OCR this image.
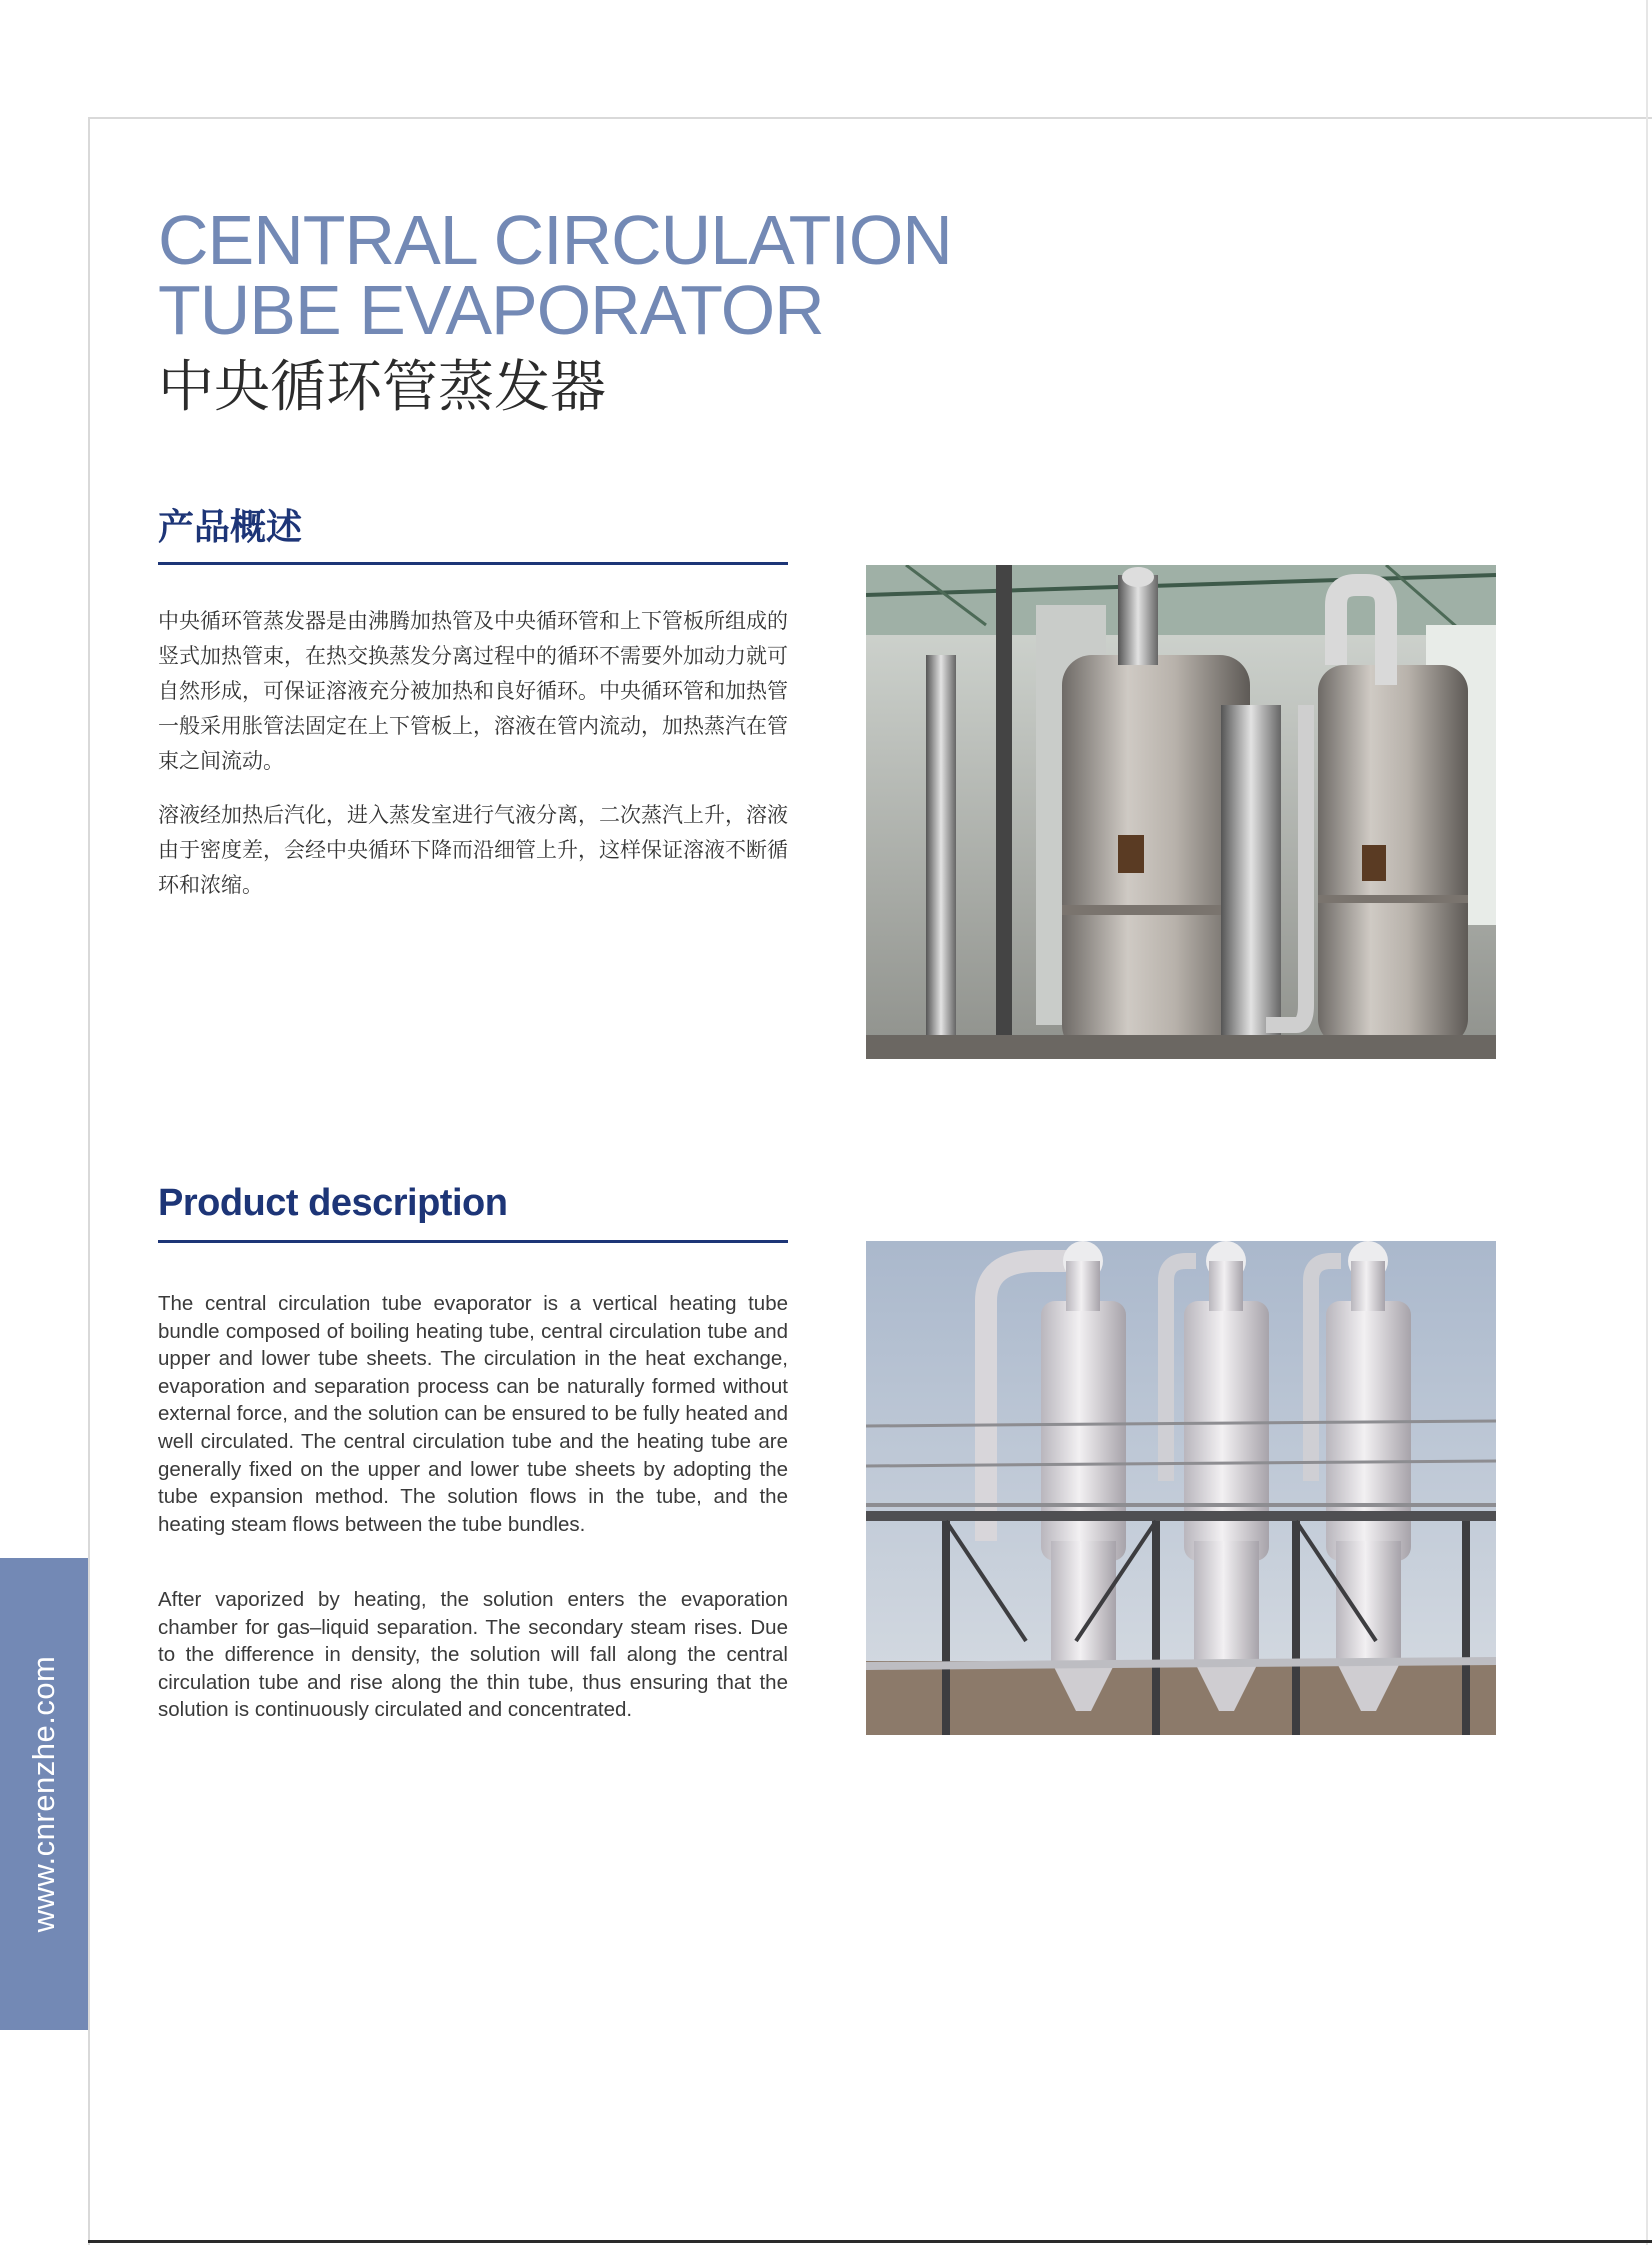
CENTRAL CIRCULATION
TUBE EVAPORATOR
中央循环管蒸发器
产品概述

中央循环管蒸发器是由沸腾加热管及中央循环管和上下管板所组成的竖式加热管束，在热交换蒸发分离过程中的循环不需要外加动力就可自然形成，可保证溶液充分被加热和良好循环。中央循环管和加热管一般采用胀管法固定在上下管板上，溶液在管内流动，加热蒸汽在管束之间流动。

溶液经加热后汽化，进入蒸发室进行气液分离，二次蒸汽上升，溶液由于密度差，会经中央循环下降而沿细管上升，这样保证溶液不断循环和浓缩。

Product description

The central circulation tube evaporator is a vertical heating tube bundle composed of boiling heating tube, central circulation tube and upper and lower tube sheets. The circulation in the heat exchange, evaporation and separation process can be naturally formed without external force, and the solution can be ensured to be fully heated and well circulated. The central circulation tube and the heating tube are generally fixed on the upper and lower tube sheets by adopting the tube expansion method. The solution flows in the tube, and the heating steam flows between the tube bundles.

After vaporized by heating, the solution enters the evaporation chamber for gas–liquid separation. The secondary steam rises. Due to the difference in density, the solution will fall along the central circulation tube and rise along the thin tube, thus ensuring that the solution is continuously circulated and concentrated.

www.cnrenzhe.com
